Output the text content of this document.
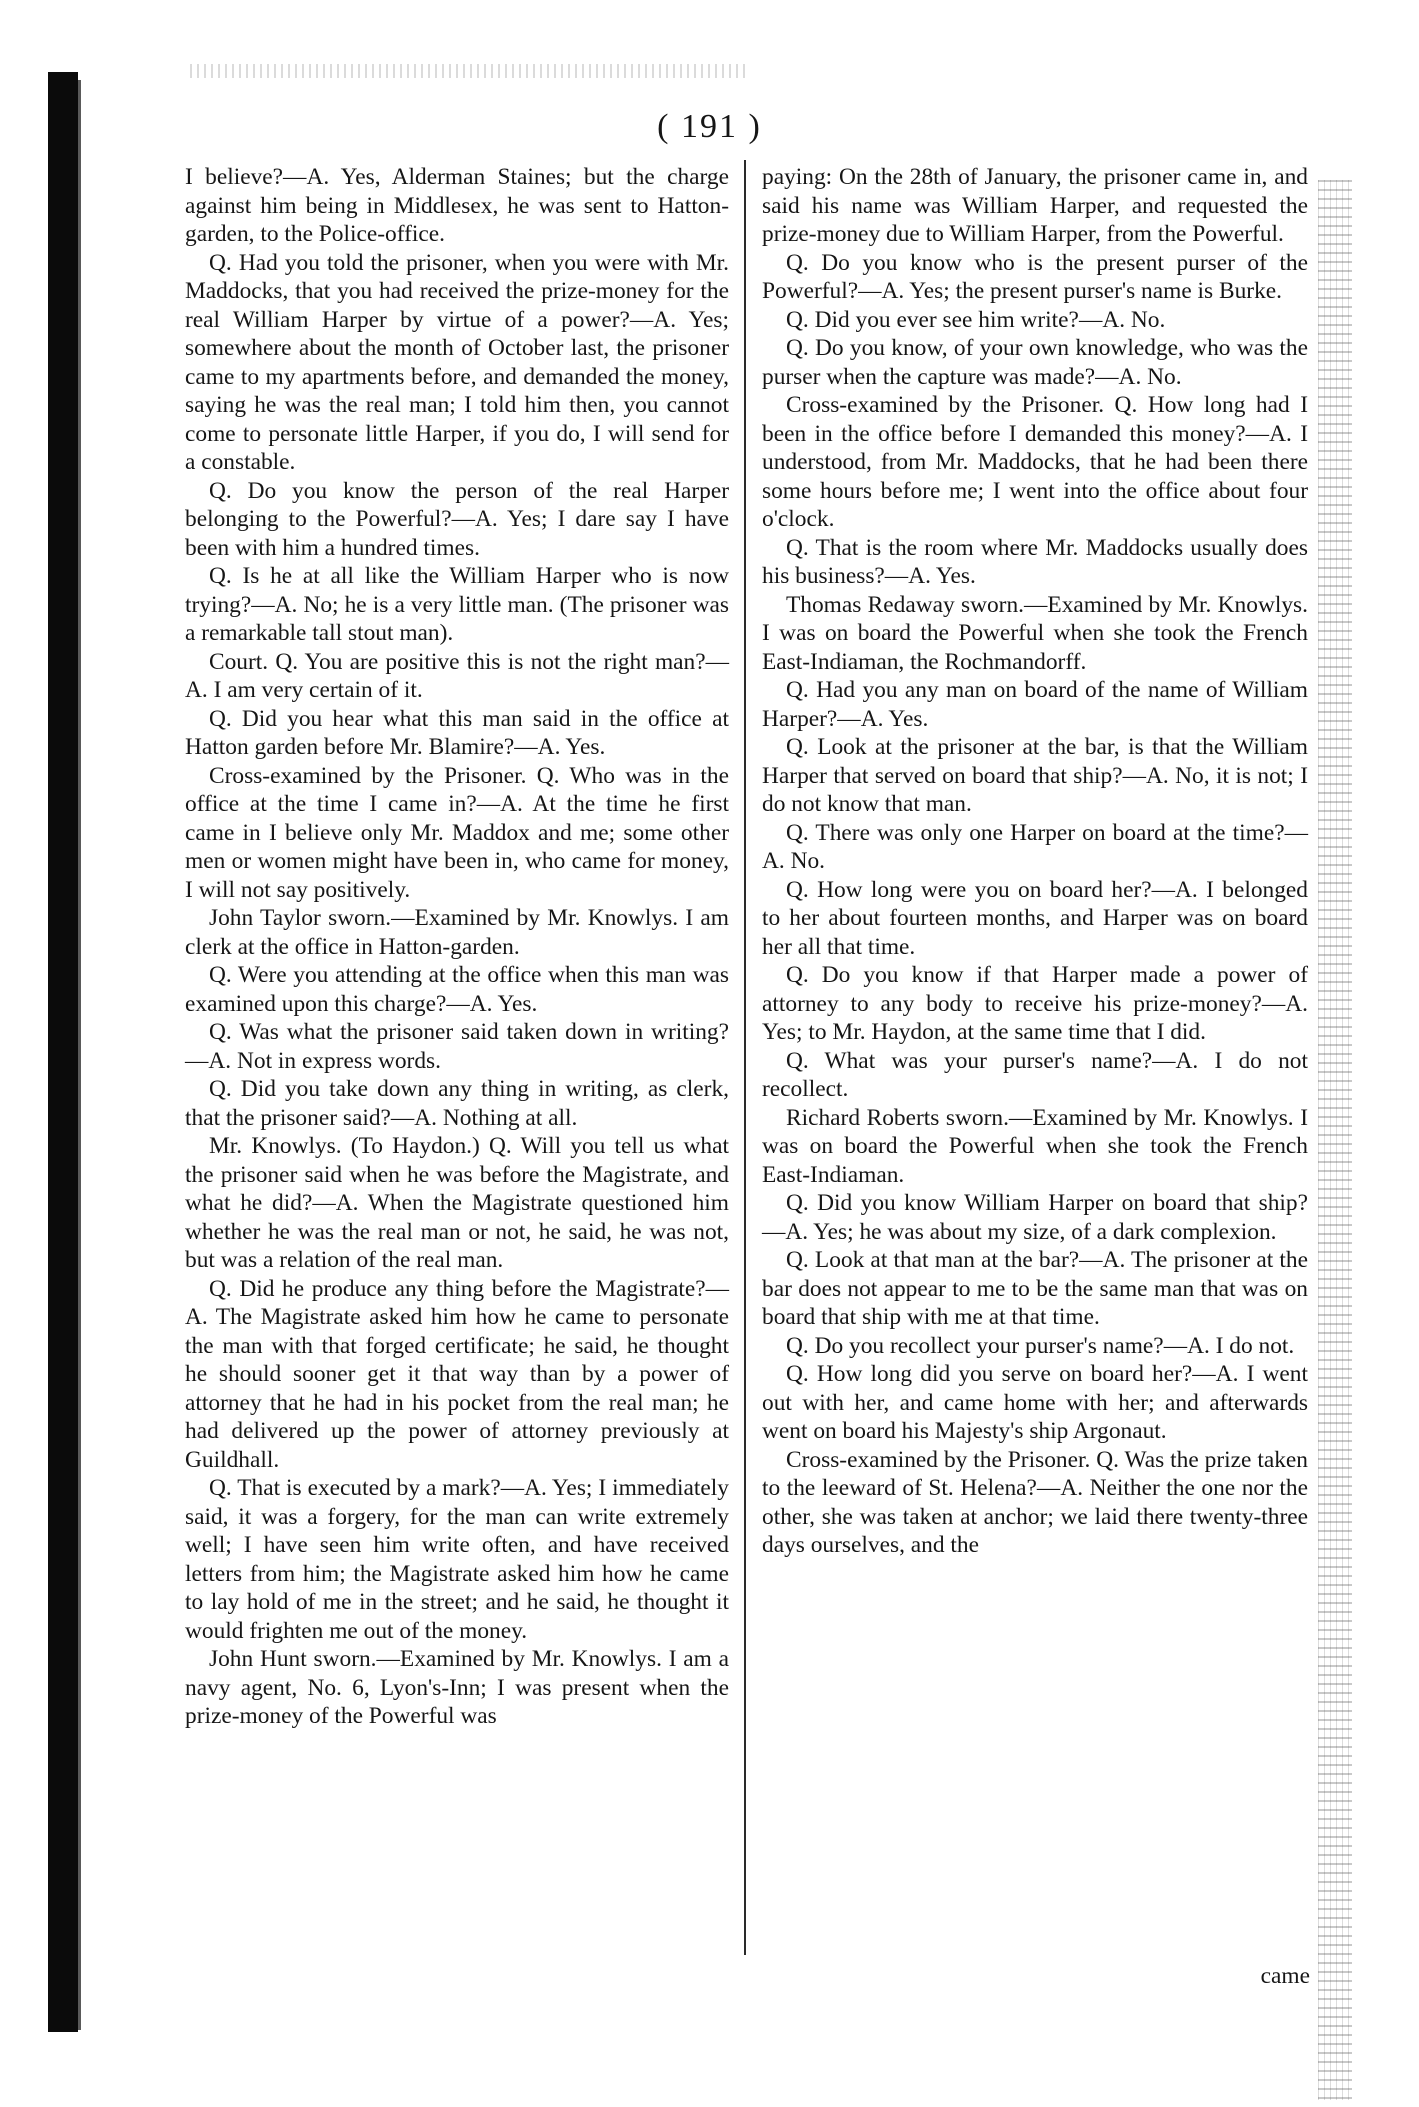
( 191 )

I believe?—A. Yes, Alderman Staines; but the charge against him being in Middlesex, he was sent to Hatton-garden, to the Police-office.

Q. Had you told the prisoner, when you were with Mr. Maddocks, that you had received the prize-money for the real William Harper by virtue of a power?—A. Yes; somewhere about the month of October last, the prisoner came to my apartments before, and demanded the money, saying he was the real man; I told him then, you cannot come to personate little Harper, if you do, I will send for a constable.

Q. Do you know the person of the real Harper belonging to the Powerful?—A. Yes; I dare say I have been with him a hundred times.

Q. Is he at all like the William Harper who is now trying?—A. No; he is a very little man. (The prisoner was a remarkable tall stout man).

Court. Q. You are positive this is not the right man?—A. I am very certain of it.

Q. Did you hear what this man said in the office at Hatton garden before Mr. Blamire?—A. Yes.

Cross-examined by the Prisoner. Q. Who was in the office at the time I came in?—A. At the time he first came in I believe only Mr. Maddox and me; some other men or women might have been in, who came for money, I will not say positively.

John Taylor sworn.—Examined by Mr. Knowlys. I am clerk at the office in Hatton-garden.

Q. Were you attending at the office when this man was examined upon this charge?—A. Yes.

Q. Was what the prisoner said taken down in writing?—A. Not in express words.

Q. Did you take down any thing in writing, as clerk, that the prisoner said?—A. Nothing at all.

Mr. Knowlys. (To Haydon.) Q. Will you tell us what the prisoner said when he was before the Magistrate, and what he did?—A. When the Magistrate questioned him whether he was the real man or not, he said, he was not, but was a relation of the real man.

Q. Did he produce any thing before the Magistrate?—A. The Magistrate asked him how he came to personate the man with that forged certificate; he said, he thought he should sooner get it that way than by a power of attorney that he had in his pocket from the real man; he had delivered up the power of attorney previously at Guildhall.

Q. That is executed by a mark?—A. Yes; I immediately said, it was a forgery, for the man can write extremely well; I have seen him write often, and have received letters from him; the Magistrate asked him how he came to lay hold of me in the street; and he said, he thought it would frighten me out of the money.

John Hunt sworn.—Examined by Mr. Knowlys. I am a navy agent, No. 6, Lyon's-Inn; I was present when the prize-money of the Powerful was

paying: On the 28th of January, the prisoner came in, and said his name was William Harper, and requested the prize-money due to William Harper, from the Powerful.

Q. Do you know who is the present purser of the Powerful?—A. Yes; the present purser's name is Burke.

Q. Did you ever see him write?—A. No.

Q. Do you know, of your own knowledge, who was the purser when the capture was made?—A. No.

Cross-examined by the Prisoner. Q. How long had I been in the office before I demanded this money?—A. I understood, from Mr. Maddocks, that he had been there some hours before me; I went into the office about four o'clock.

Q. That is the room where Mr. Maddocks usually does his business?—A. Yes.

Thomas Redaway sworn.—Examined by Mr. Knowlys. I was on board the Powerful when she took the French East-Indiaman, the Rochmandorff.

Q. Had you any man on board of the name of William Harper?—A. Yes.

Q. Look at the prisoner at the bar, is that the William Harper that served on board that ship?—A. No, it is not; I do not know that man.

Q. There was only one Harper on board at the time?—A. No.

Q. How long were you on board her?—A. I belonged to her about fourteen months, and Harper was on board her all that time.

Q. Do you know if that Harper made a power of attorney to any body to receive his prize-money?—A. Yes; to Mr. Haydon, at the same time that I did.

Q. What was your purser's name?—A. I do not recollect.

Richard Roberts sworn.—Examined by Mr. Knowlys. I was on board the Powerful when she took the French East-Indiaman.

Q. Did you know William Harper on board that ship?—A. Yes; he was about my size, of a dark complexion.

Q. Look at that man at the bar?—A. The prisoner at the bar does not appear to me to be the same man that was on board that ship with me at that time.

Q. Do you recollect your purser's name?—A. I do not.

Q. How long did you serve on board her?—A. I went out with her, and came home with her; and afterwards went on board his Majesty's ship Argonaut.

Cross-examined by the Prisoner. Q. Was the prize taken to the leeward of St. Helena?—A. Neither the one nor the other, she was taken at anchor; we laid there twenty-three days ourselves, and the

came
